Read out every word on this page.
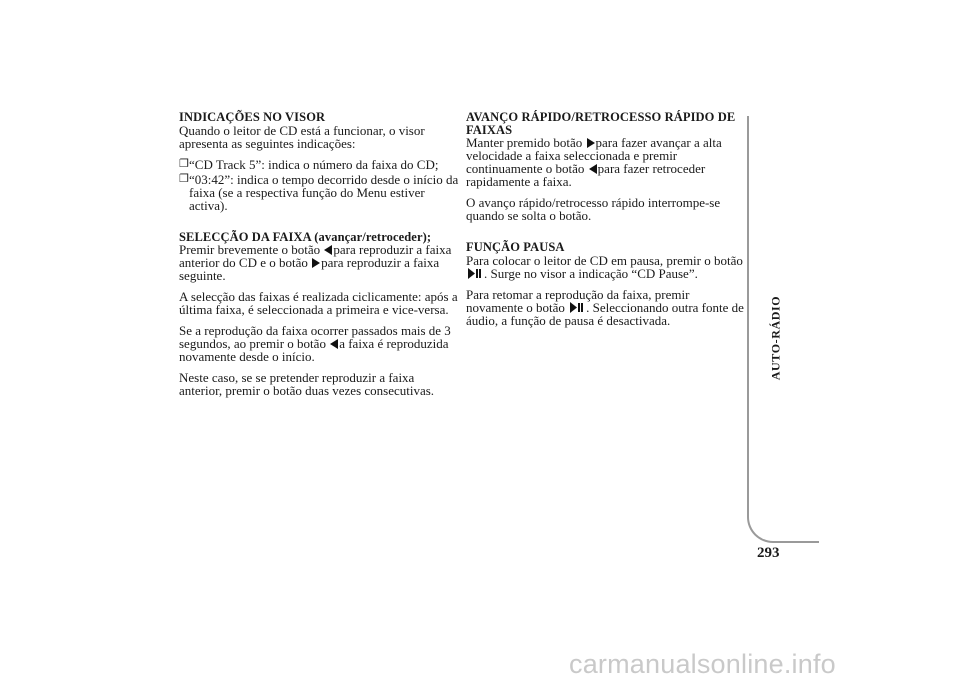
INDICAÇÕES NO VISOR

Quando o leitor de CD está a funcionar, o visor apresenta as seguintes indicações:

❐ “CD Track 5”: indica o número da faixa do CD;
❐ “03:42”: indica o tempo decorrido desde o início da faixa (se a respectiva função do Menu estiver activa).
SELECÇÃO DA FAIXA (avançar/retroceder);

Premir brevemente o botão para reproduzir a faixa anterior do CD e o botão para reproduzir a faixa seguinte.

A selecção das faixas é realizada ciclicamente: após a última faixa, é seleccionada a primeira e vice-versa.

Se a reprodução da faixa ocorrer passados mais de 3 segundos, ao premir o botão a faixa é reproduzida novamente desde o início.

Neste caso, se se pretender reproduzir a faixa anterior, premir o botão duas vezes consecutivas.

AVANÇO RÁPIDO/RETROCESSO RÁPIDO DE FAIXAS

Manter premido botão para fazer avançar a alta velocidade a faixa seleccionada e premir continuamente o botão para fazer retroceder rapidamente a faixa.

O avanço rápido/retrocesso rápido interrompe-se quando se solta o botão.

FUNÇÃO PAUSA

Para colocar o leitor de CD em pausa, premir o botão . Surge no visor a indicação “CD Pause”.

Para retomar a reprodução da faixa, premir novamente o botão . Seleccionando outra fonte de áudio, a função de pausa é desactivada.	AUTO-RÁDIO
293
carmanualsonline.info
